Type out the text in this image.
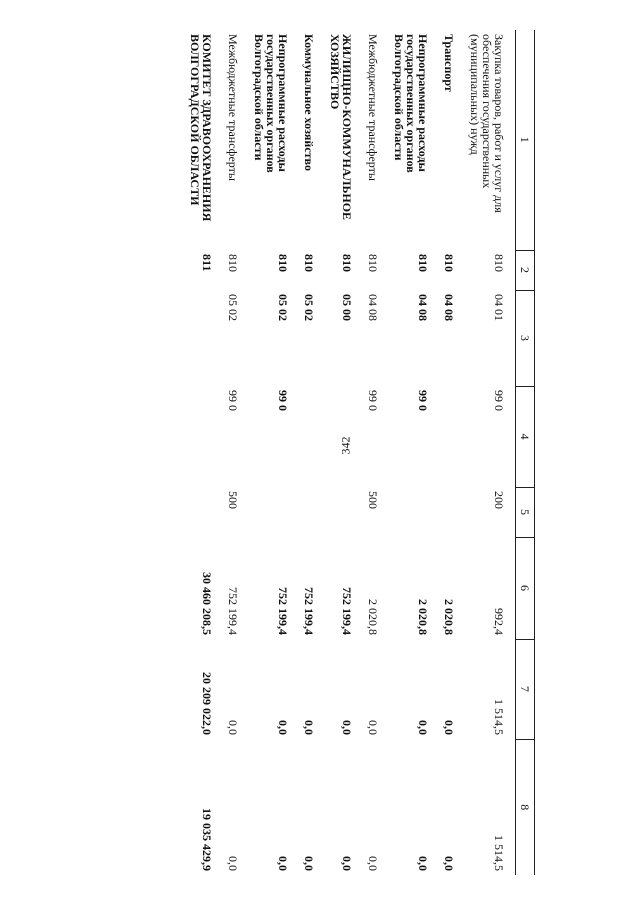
342
1	2	3	4	5	6	7	8
Закупка товаров, работ и услуг для обеспечения государственных (муниципальных) нужд	810	04 01	99 0	200	992,4	1 514,5	1 514,5
Транспорт	810	04 08			2 020,8	0,0	0,0
Непрограммные расходы государственных органов Волгоградской области	810	04 08	99 0		2 020,8	0,0	0,0
Межбюджетные трансферты	810	04 08	99 0	500	2 020,8	0,0	0,0
ЖИЛИЩНО-КОММУНАЛЬНОЕ ХОЗЯЙСТВО	810	05 00			752 199,4	0,0	0,0
Коммунальное хозяйство	810	05 02			752 199,4	0,0	0,0
Непрограммные расходы государственных органов Волгоградской области	810	05 02	99 0		752 199,4	0,0	0,0
Межбюджетные трансферты	810	05 02	99 0	500	752 199,4	0,0	0,0
КОМИТЕТ ЗДРАВООХРАНЕНИЯ ВОЛГОГРАДСКОЙ ОБЛАСТИ	811				30 460 208,5	20 209 022,0	19 035 429,9
